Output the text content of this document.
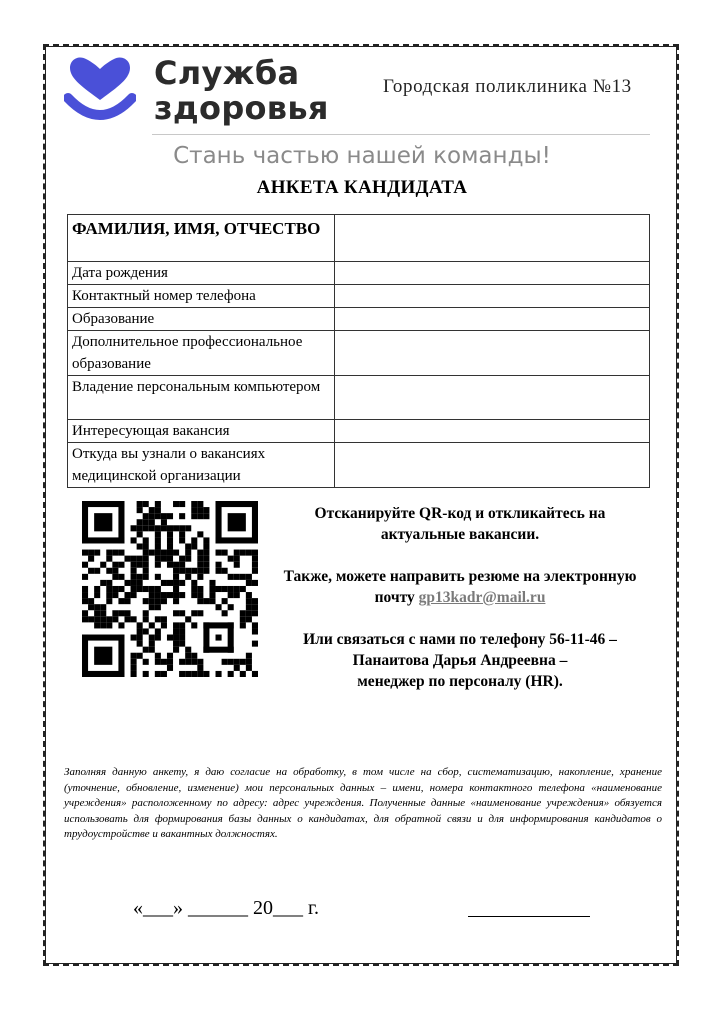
Служба
здоровья
Городская поликлиника №13
Стань частью нашей команды!
АНКЕТА КАНДИДАТА
ФАМИЛИЯ, ИМЯ, ОТЧЕСТВО	
Дата рождения	
Контактный номер телефона	
Образование	
Дополнительное профессиональное образование	
Владение персональным компьютером	
Интересующая вакансия	
Откуда вы узнали о вакансиях медицинской организации	

Отсканируйте QR-код и откликайтесь на актуальные вакансии.

Также, можете направить резюме на электронную почту gp13kadr@mail.ru

Или связаться с нами по телефону 56-11-46 –

Панаитова Дарья Андреевна –

менеджер по персоналу (HR).

Заполняя данную анкету, я даю согласие на обработку, в том числе на сбор, систематизацию, накопление, хранение (уточнение, обновление, изменение) мои персональных данных – имени, номера контактного телефона «наименование учреждения» расположенному по адресу: адрес учреждения. Полученные данные «наименование учреждения» обязуется использовать для формирования базы данных о кандидатах, для обратной связи и для информирования кандидатов о трудоустройстве и вакантных должностях.
«___» ______ 20___ г.
